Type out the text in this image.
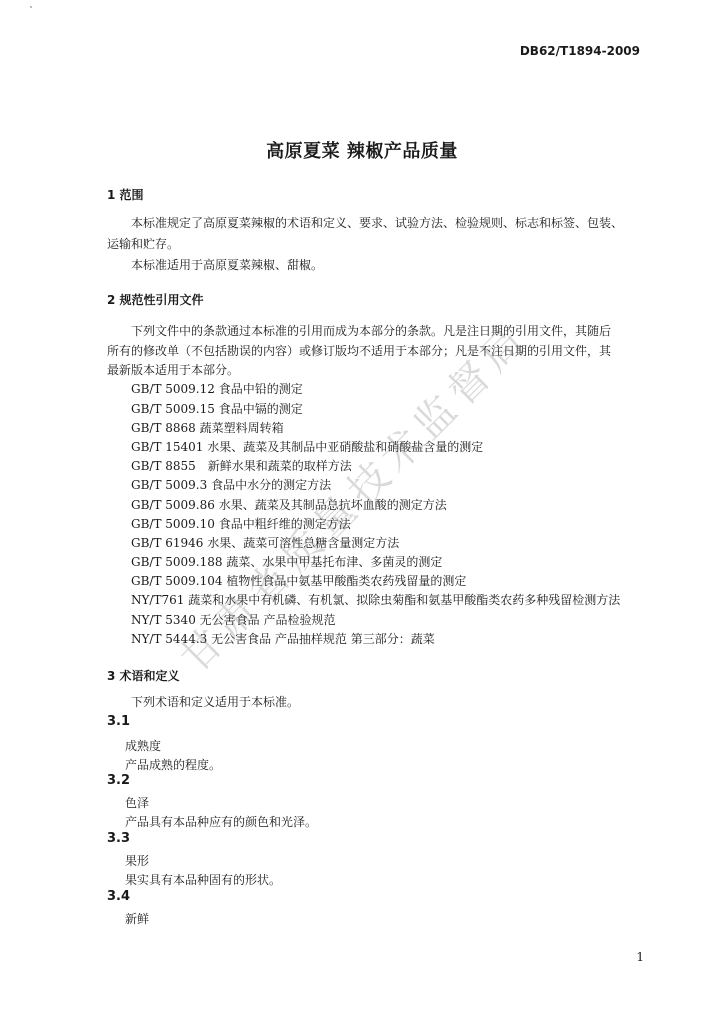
DB62/T1894-2009
高原夏菜 辣椒产品质量
1 范围
本标准规定了高原夏菜辣椒的术语和定义、要求、试验方法、检验规则、标志和标签、包装、
运输和贮存。
本标准适用于高原夏菜辣椒、甜椒。
2 规范性引用文件
下列文件中的条款通过本标准的引用而成为本部分的条款。凡是注日期的引用文件，其随后
所有的修改单（不包括勘误的内容）或修订版均不适用于本部分；凡是不注日期的引用文件，其
最新版本适用于本部分。
GB/T 5009.12 食品中铅的测定
GB/T 5009.15 食品中镉的测定
GB/T 8868 蔬菜塑料周转箱
GB/T 15401 水果、蔬菜及其制品中亚硝酸盐和硝酸盐含量的测定
GB/T 8855　新鲜水果和蔬菜的取样方法
GB/T 5009.3 食品中水分的测定方法
GB/T 5009.86 水果、蔬菜及其制品总抗坏血酸的测定方法
GB/T 5009.10 食品中粗纤维的测定方法
GB/T 61946 水果、蔬菜可溶性总糖含量测定方法
GB/T 5009.188 蔬菜、水果中甲基托布津、多菌灵的测定
GB/T 5009.104 植物性食品中氨基甲酸酯类农药残留量的测定
NY/T761 蔬菜和水果中有机磷、有机氯、拟除虫菊酯和氨基甲酸酯类农药多种残留检测方法
NY/T 5340 无公害食品 产品检验规范
NY/T 5444.3 无公害食品 产品抽样规范 第三部分：蔬菜
3 术语和定义
下列术语和定义适用于本标准。
3.1
成熟度
产品成熟的程度。
3.2
色泽
产品具有本品种应有的颜色和光泽。
3.3
果形
果实具有本品种固有的形状。
3.4
新鲜
1
甘
肃
省
质
量
技
术
监
督
局
